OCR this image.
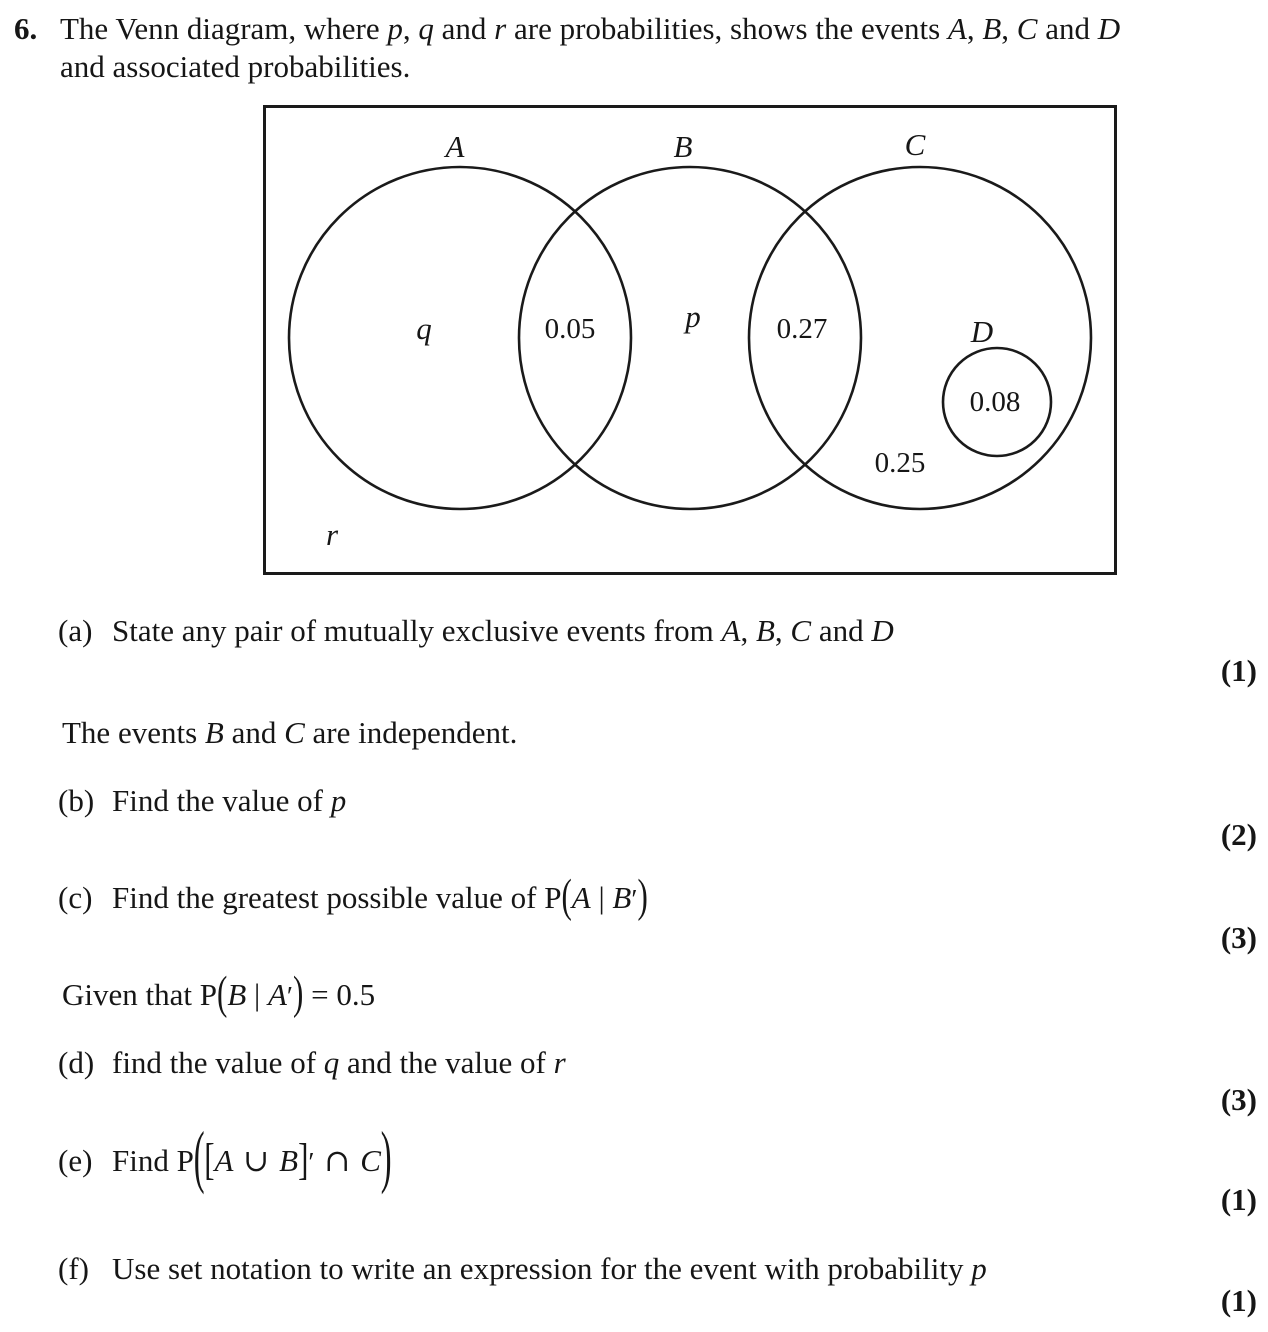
6. The Venn diagram, where p, q and r are probabilities, shows the events A, B, C and D
and associated probabilities.
A	B	C
D
q	0.05	p	0.27
0.25
0.08
r
(a) State any pair of mutually exclusive events from A, B, C and D
(1)
The events B and C are independent.
(b) Find the value of p
(2)
(c) Find the greatest possible value of P(A | B′)
(3)
Given that P(B | A′) = 0.5
(d) find the value of q and the value of r
(3)
(e) Find P([A ∪ B]′ ∩ C)
(1)
(f) Use set notation to write an expression for the event with probability p
(1)
